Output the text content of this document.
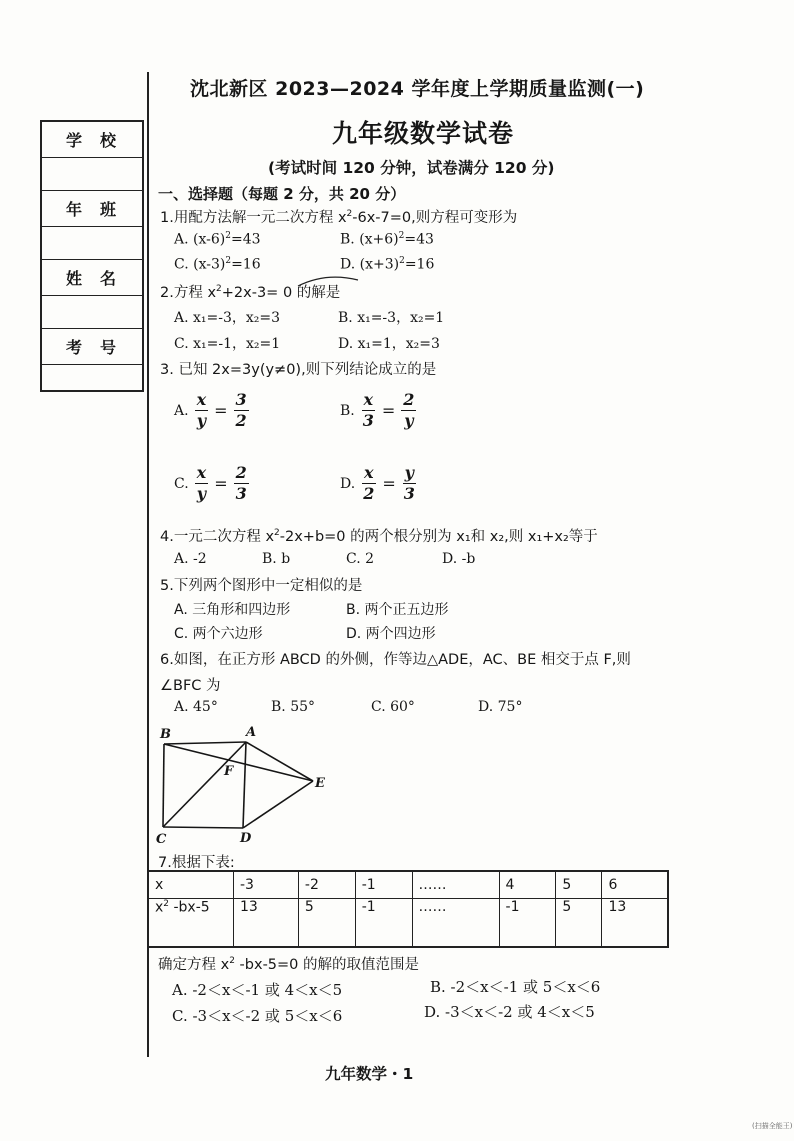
学校
年班
姓名
考号
沈北新区 2023—2024 学年度上学期质量监测(一)
九年级数学试卷
(考试时间 120 分钟，试卷满分 120 分)
一、选择题（每题 2 分，共 20 分）
1.用配方法解一元二次方程 $x^2-6x-7=0$,则方程可变形为
A. $(x-6)^2=43$	B. $(x+6)^2=43$
C. $(x-3)^2=16$	D. $(x+3)^2=16$
2.方程 $x^2+2x-3= 0$ 的解是
A. x₁=-3，x₂=3	B. x₁=-3，x₂=1
C. x₁=-1，x₂=1	D. x₁=1，x₂=3
3. 已知 2x=3y(y≠0),则下列结论成立的是
A. $\frac{x}{y} = \frac{3}{2}$	B. $\frac{x}{3} = \frac{2}{y}$
C. $\frac{x}{y} = \frac{2}{3}$	D. $\frac{x}{2} = \frac{y}{3}$
4.一元二次方程 $x^2-2x+b=0$ 的两个根分别为 x₁和 x₂,则 x₁+x₂等于
A. -2	B. b	C. 2	D. -b
5.下列两个图形中一定相似的是
A. 三角形和四边形	B. 两个正五边形
C. 两个六边形	D. 两个四边形
6.如图，在正方形 ABCD 的外侧，作等边△ADE，AC、BE 相交于点 F,则
∠BFC 为
A. 45°	B. 55°	C. 60°	D. 75°
B	A
F
E
C	D
7.根据下表:
x	-3	-2	-1	……	4	5	6
$x^2$ -bx-5	13	5	-1	……	-1	5	13
确定方程 $x^2$ -bx-5=0 的解的取值范围是
A. -2＜x＜-1 或 4＜x＜5	B. -2＜x＜-1 或 5＜x＜6
C. -3＜x＜-2 或 5＜x＜6	D. -3＜x＜-2 或 4＜x＜5
九年数学・1
(扫描全能王)
